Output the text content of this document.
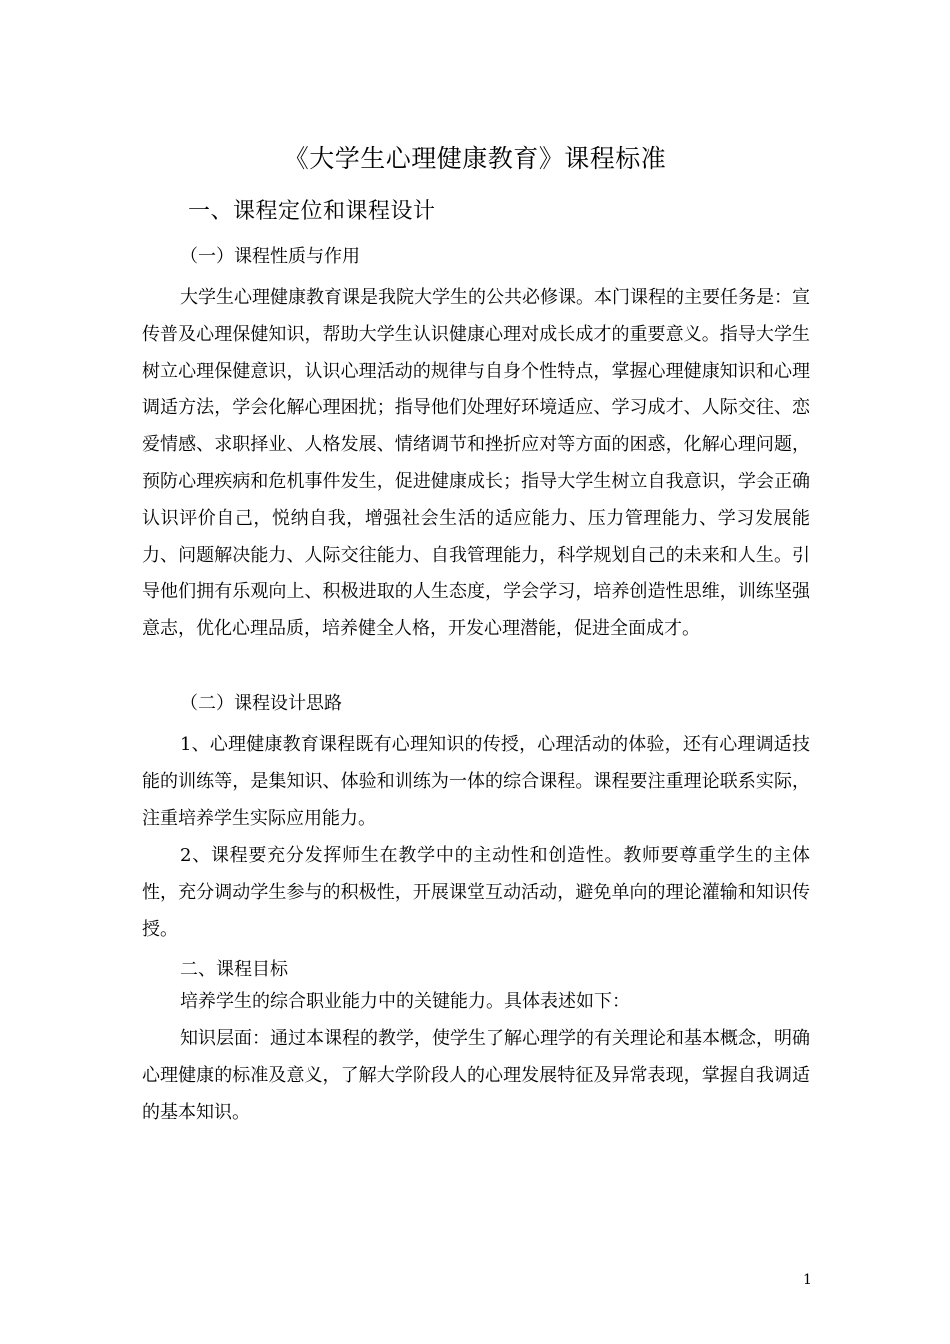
《大学生心理健康教育》课程标准
一、课程定位和课程设计
（一）课程性质与作用

大学生心理健康教育课是我院大学生的公共必修课。本门课程的主要任务是：宣传普及心理保健知识，帮助大学生认识健康心理对成长成才的重要意义。指导大学生树立心理保健意识，认识心理活动的规律与自身个性特点，掌握心理健康知识和心理调适方法，学会化解心理困扰；指导他们处理好环境适应、学习成才、人际交往、恋爱情感、求职择业、人格发展、情绪调节和挫折应对等方面的困惑，化解心理问题，预防心理疾病和危机事件发生，促进健康成长；指导大学生树立自我意识，学会正确认识评价自己，悦纳自我，增强社会生活的适应能力、压力管理能力、学习发展能力、问题解决能力、人际交往能力、自我管理能力，科学规划自己的未来和人生。引导他们拥有乐观向上、积极进取的人生态度，学会学习，培养创造性思维，训练坚强意志，优化心理品质，培养健全人格，开发心理潜能，促进全面成才。

（二）课程设计思路

1、心理健康教育课程既有心理知识的传授，心理活动的体验，还有心理调适技能的训练等，是集知识、体验和训练为一体的综合课程。课程要注重理论联系实际，注重培养学生实际应用能力。

2、课程要充分发挥师生在教学中的主动性和创造性。教师要尊重学生的主体性，充分调动学生参与的积极性，开展课堂互动活动，避免单向的理论灌输和知识传授。

二、课程目标

培养学生的综合职业能力中的关键能力。具体表述如下：

知识层面：通过本课程的教学，使学生了解心理学的有关理论和基本概念，明确心理健康的标准及意义，了解大学阶段人的心理发展特征及异常表现，掌握自我调适的基本知识。

1
